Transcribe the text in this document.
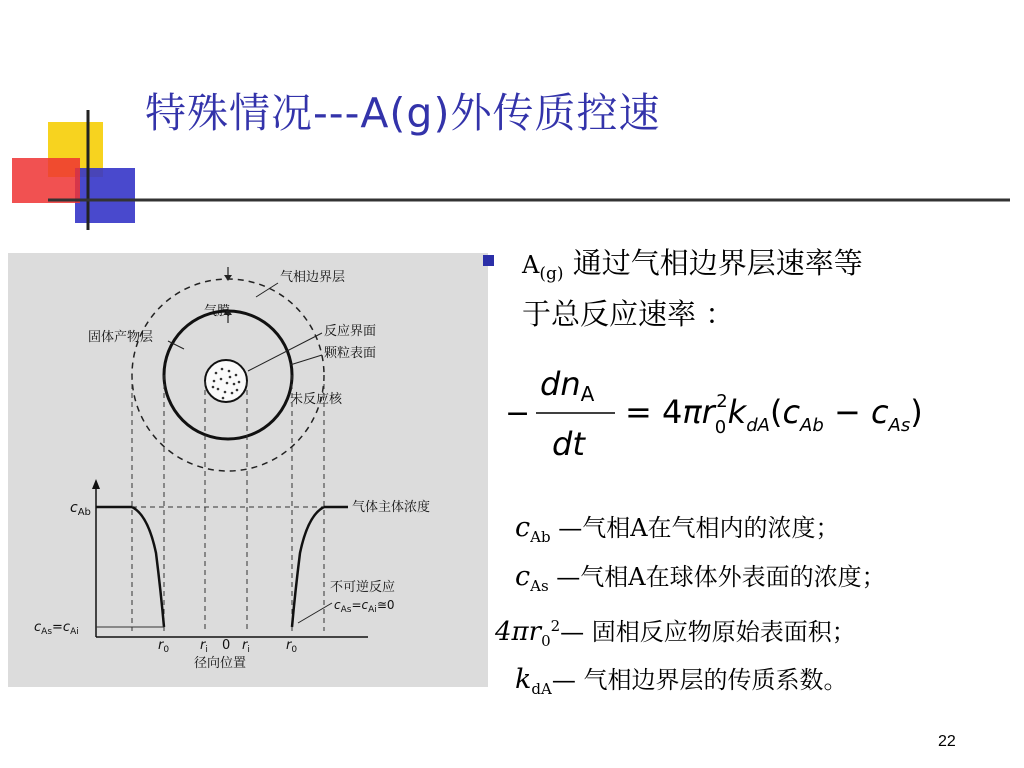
特殊情况---A(g)外传质控速
气相边界层
气膜
固体产物层	反应界面
颗粒表面
未反应核
$c_{Ab}$
$c_{As}=c_{Ai}$
气体主体浓度
不可逆反应
$c_{As}=c_{Ai}≅0$
$r_0$ $r_i$ 0 $r_i$	$r_0$
径向位置
$A_{(g)}$ 通过气相边界层速率等
于总反应速率 ：
−
dnA
dt
= $4\pi r_02k_{dA}(c_{Ab} - c_{As})$
$c_{Ab}$ —气相A在气相内的浓度；
$c_{As}$ —气相A在球体外表面的浓度；
$4\pi r_0^2—$ 固相反应物原始表面积；
$k_{dA}—$ 气相边界层的传质系数。
22
